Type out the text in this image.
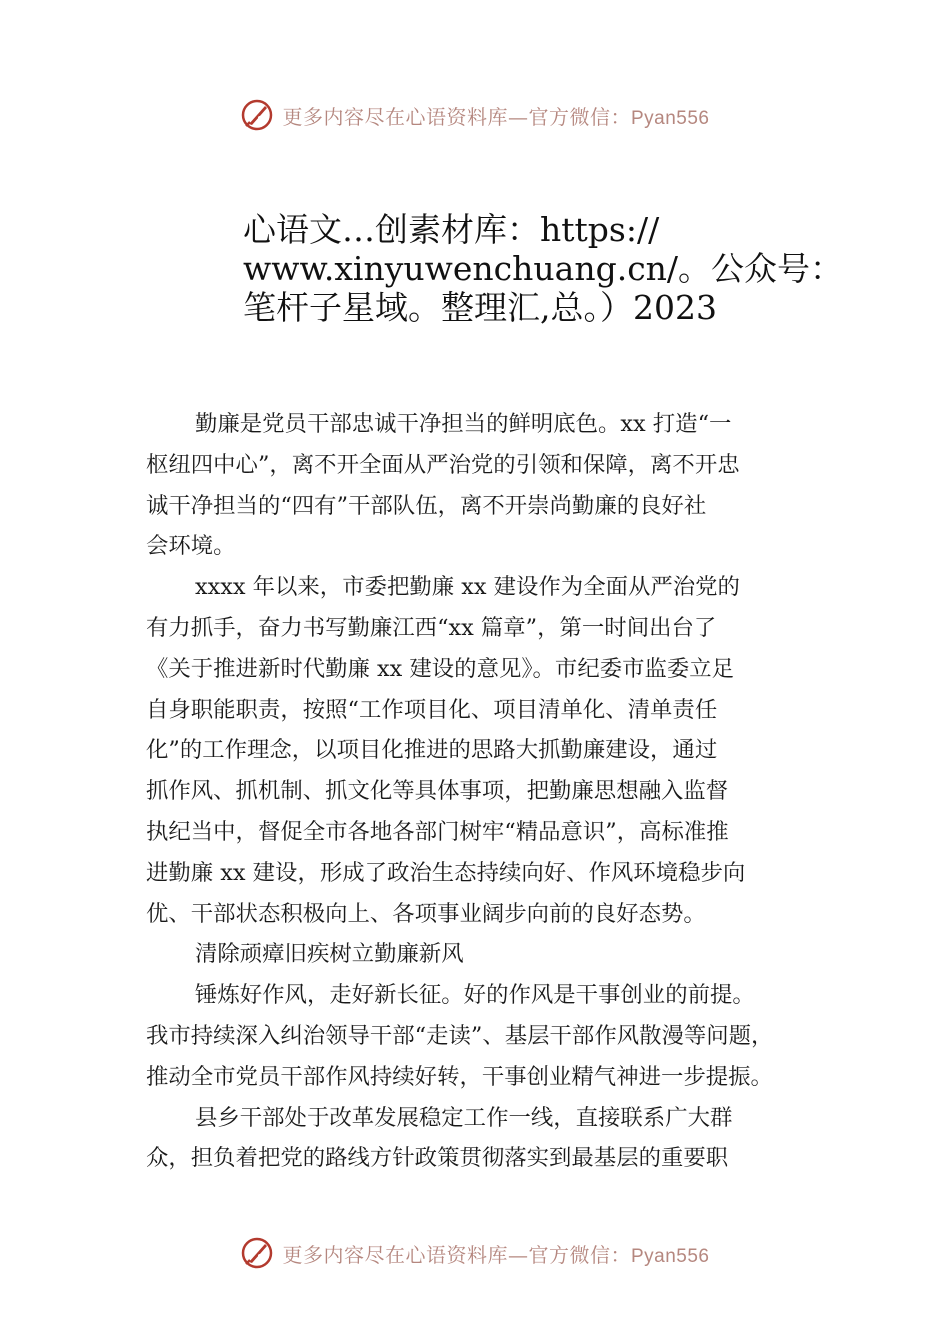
更多内容尽在心语资料库—官方微信：Pyan556
心语文…创素材库：https://
www.xinyuwenchuang.cn/。公众号：
笔杆子星域。整理汇,总。）2023
勤廉是党员干部忠诚干净担当的鲜明底色。xx 打造“一
枢纽四中心”，离不开全面从严治党的引领和保障，离不开忠
诚干净担当的“四有”干部队伍，离不开崇尚勤廉的良好社
会环境。
xxxx 年以来，市委把勤廉 xx 建设作为全面从严治党的
有力抓手，奋力书写勤廉江西“xx 篇章”，第一时间出台了
《关于推进新时代勤廉 xx 建设的意见》。市纪委市监委立足
自身职能职责，按照“工作项目化、项目清单化、清单责任
化”的工作理念，以项目化推进的思路大抓勤廉建设，通过
抓作风、抓机制、抓文化等具体事项，把勤廉思想融入监督
执纪当中，督促全市各地各部门树牢“精品意识”，高标准推
进勤廉 xx 建设，形成了政治生态持续向好、作风环境稳步向
优、干部状态积极向上、各项事业阔步向前的良好态势。
清除顽瘴旧疾树立勤廉新风
锤炼好作风，走好新长征。好的作风是干事创业的前提。
我市持续深入纠治领导干部“走读”、基层干部作风散漫等问题，
推动全市党员干部作风持续好转，干事创业精气神进一步提振。
县乡干部处于改革发展稳定工作一线，直接联系广大群
众，担负着把党的路线方针政策贯彻落实到最基层的重要职
更多内容尽在心语资料库—官方微信：Pyan556
